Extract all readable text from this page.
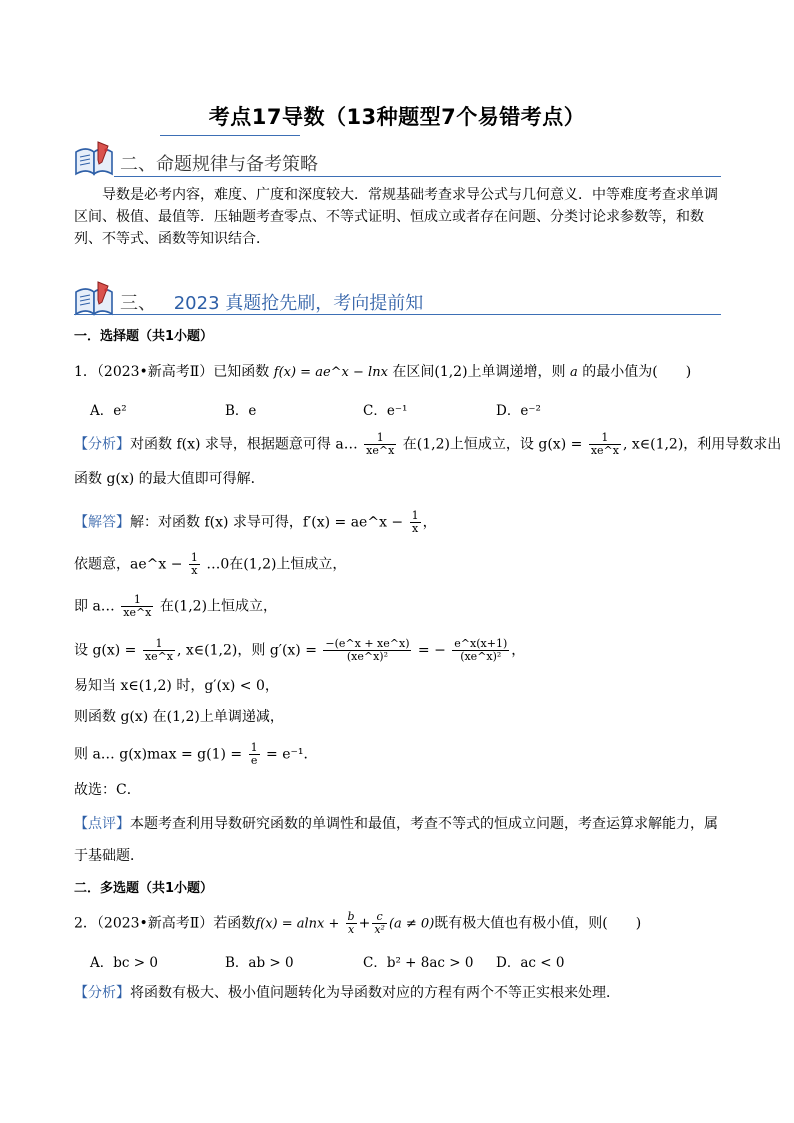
考点17导数（13种题型7个易错考点）
二、命题规律与备考策略

导数是必考内容，难度、广度和深度较大．常规基础考查求导公式与几何意义．中等难度考查求单调区间、极值、最值等．压轴题考查零点、不等式证明、恒成立或者存在问题、分类讨论求参数等，和数列、不等式、函数等知识结合．

三、 2023 真题抢先刷，考向提前知
一．选择题（共1小题）
1．（2023•新高考Ⅱ）已知函数 f(x) = ae^x − lnx 在区间(1,2)上单调递增，则 a 的最小值为(　　)
A．e²	B．e	C．e⁻¹	D．e⁻²
【分析】对函数 f(x) 求导，根据题意可得 a… $\frac{1}{xe\^{}x}$ 在(1,2)上恒成立，设 $g(x) = \frac{1}{xe\^{}x}$ , x∈(1,2)，利用导数求出
函数 g(x) 的最大值即可得解．
【解答】解：对函数 f(x) 求导可得，f′(x) = ae^x − $\frac{1}{x}$ ，
依题意，ae^x − $\frac{1}{x}$ …0在(1,2)上恒成立，
即 a… $\frac{1}{xe\^{}x}$ 在(1,2)上恒成立，
设 $g(x) = \frac{1}{xe\^{}x}$ , x∈(1,2)，则 $g'(x) = \frac{-(e\^{}x + xe\^{}x)}{\text{(xe\textasciicircum{}x)²}}$ = − $\frac{e\^{}x(x+1)}{\text{(xe\textasciicircum{}x)²}}$ ，
易知当 x∈(1,2) 时，g′(x) < 0，
则函数 g(x) 在(1,2)上单调递减，
则 a… $g(x)\max = g(1) = \frac{1}{e} = e^{-1}$．
故选：C．
【点评】本题考查利用导数研究函数的单调性和最值，考查不等式的恒成立问题，考查运算求解能力，属
于基础题．
二．多选题（共1小题）
2．（2023•新高考Ⅱ）若函数$f(x) = alnx + \frac{b}{x} + \frac{c}{\text{x²}} (a \ne 0)$既有极大值也有极小值，则(　　)
A．bc > 0	B．ab > 0	C．b² + 8ac > 0 D．ac < 0
【分析】将函数有极大、极小值问题转化为导函数对应的方程有两个不等正实根来处理．
